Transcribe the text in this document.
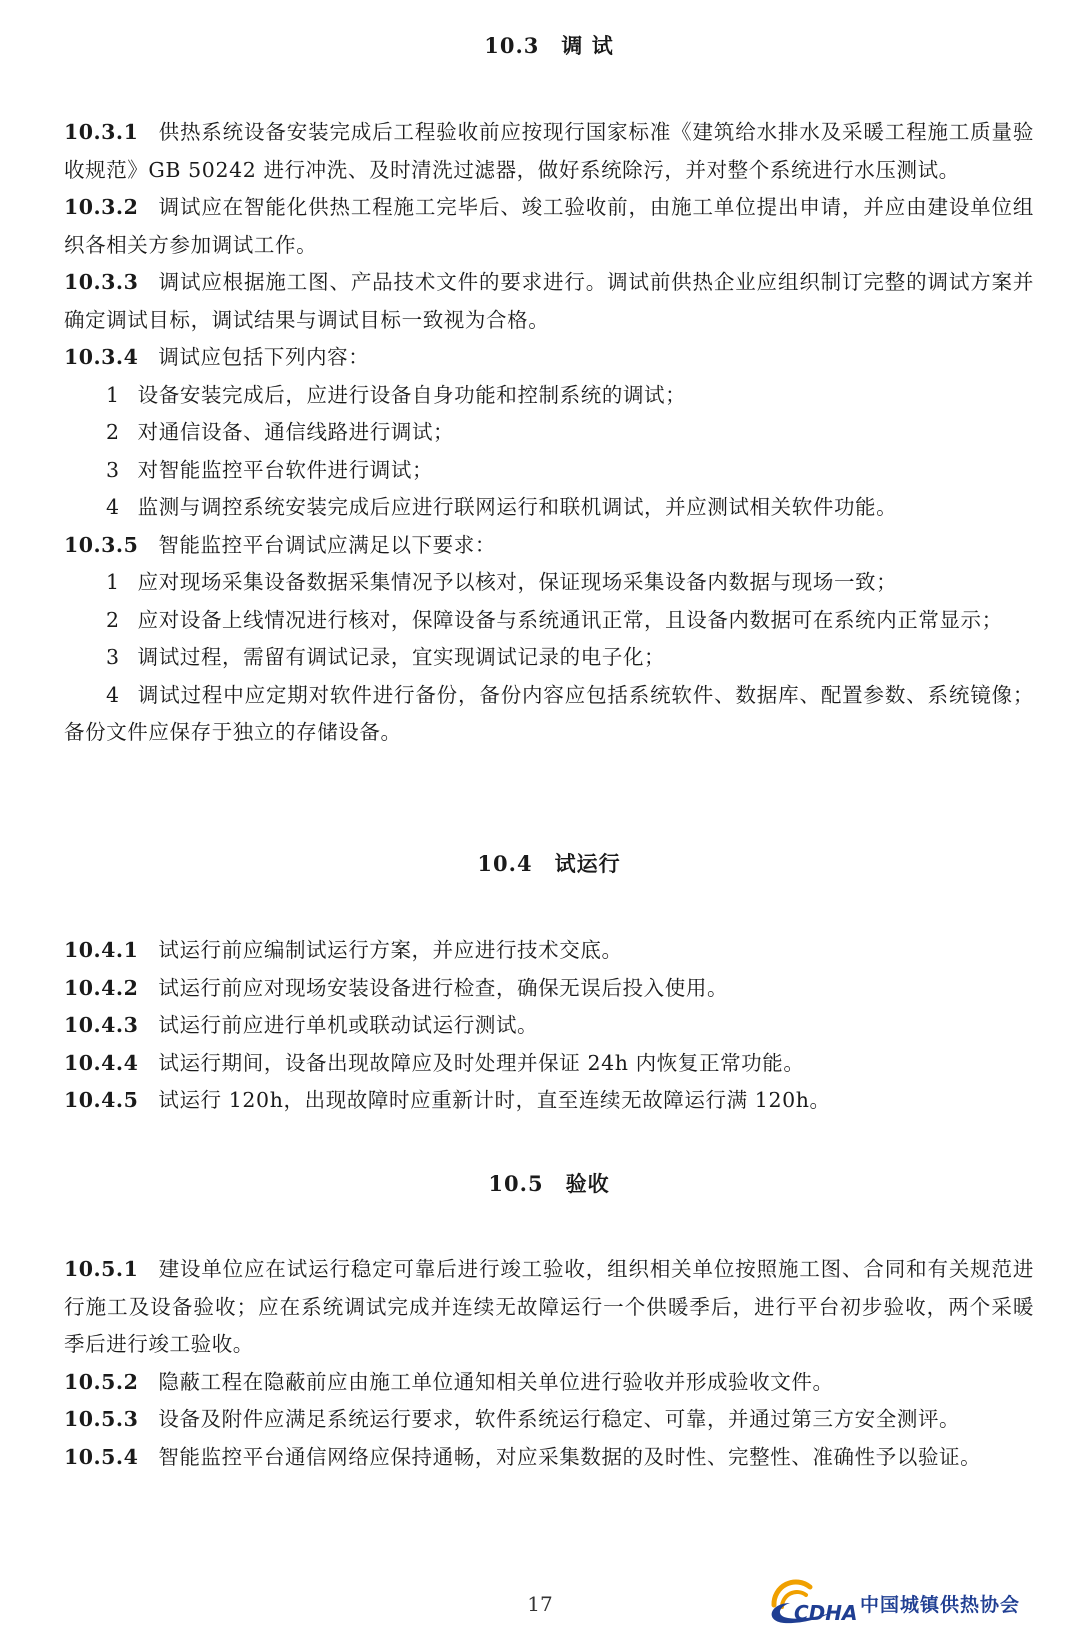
10.3 调 试
10.3.1 供热系统设备安装完成后工程验收前应按现行国家标准《建筑给水排水及采暖工程施工质量验收规范》GB 50242 进行冲洗、及时清洗过滤器，做好系统除污，并对整个系统进行水压测试。
10.3.2 调试应在智能化供热工程施工完毕后、竣工验收前，由施工单位提出申请，并应由建设单位组织各相关方参加调试工作。
10.3.3 调试应根据施工图、产品技术文件的要求进行。调试前供热企业应组织制订完整的调试方案并确定调试目标，调试结果与调试目标一致视为合格。
10.3.4 调试应包括下列内容：
1 设备安装完成后，应进行设备自身功能和控制系统的调试；
2 对通信设备、通信线路进行调试；
3 对智能监控平台软件进行调试；
4 监测与调控系统安装完成后应进行联网运行和联机调试，并应测试相关软件功能。
10.3.5 智能监控平台调试应满足以下要求：
1 应对现场采集设备数据采集情况予以核对，保证现场采集设备内数据与现场一致；
2 应对设备上线情况进行核对，保障设备与系统通讯正常，且设备内数据可在系统内正常显示；
3 调试过程，需留有调试记录，宜实现调试记录的电子化；
4 调试过程中应定期对软件进行备份，备份内容应包括系统软件、数据库、配置参数、系统镜像；备份文件应保存于独立的存储设备。
10.4 试运行
10.4.1 试运行前应编制试运行方案，并应进行技术交底。
10.4.2 试运行前应对现场安装设备进行检查，确保无误后投入使用。
10.4.3 试运行前应进行单机或联动试运行测试。
10.4.4 试运行期间，设备出现故障应及时处理并保证 24h 内恢复正常功能。
10.4.5 试运行 120h，出现故障时应重新计时，直至连续无故障运行满 120h。
10.5 验收
10.5.1 建设单位应在试运行稳定可靠后进行竣工验收，组织相关单位按照施工图、合同和有关规范进行施工及设备验收；应在系统调试完成并连续无故障运行一个供暖季后，进行平台初步验收，两个采暖季后进行竣工验收。
10.5.2 隐蔽工程在隐蔽前应由施工单位通知相关单位进行验收并形成验收文件。
10.5.3 设备及附件应满足系统运行要求，软件系统运行稳定、可靠，并通过第三方安全测评。
10.5.4 智能监控平台通信网络应保持通畅，对应采集数据的及时性、完整性、准确性予以验证。
17	CDHA 中国城镇供热协会
